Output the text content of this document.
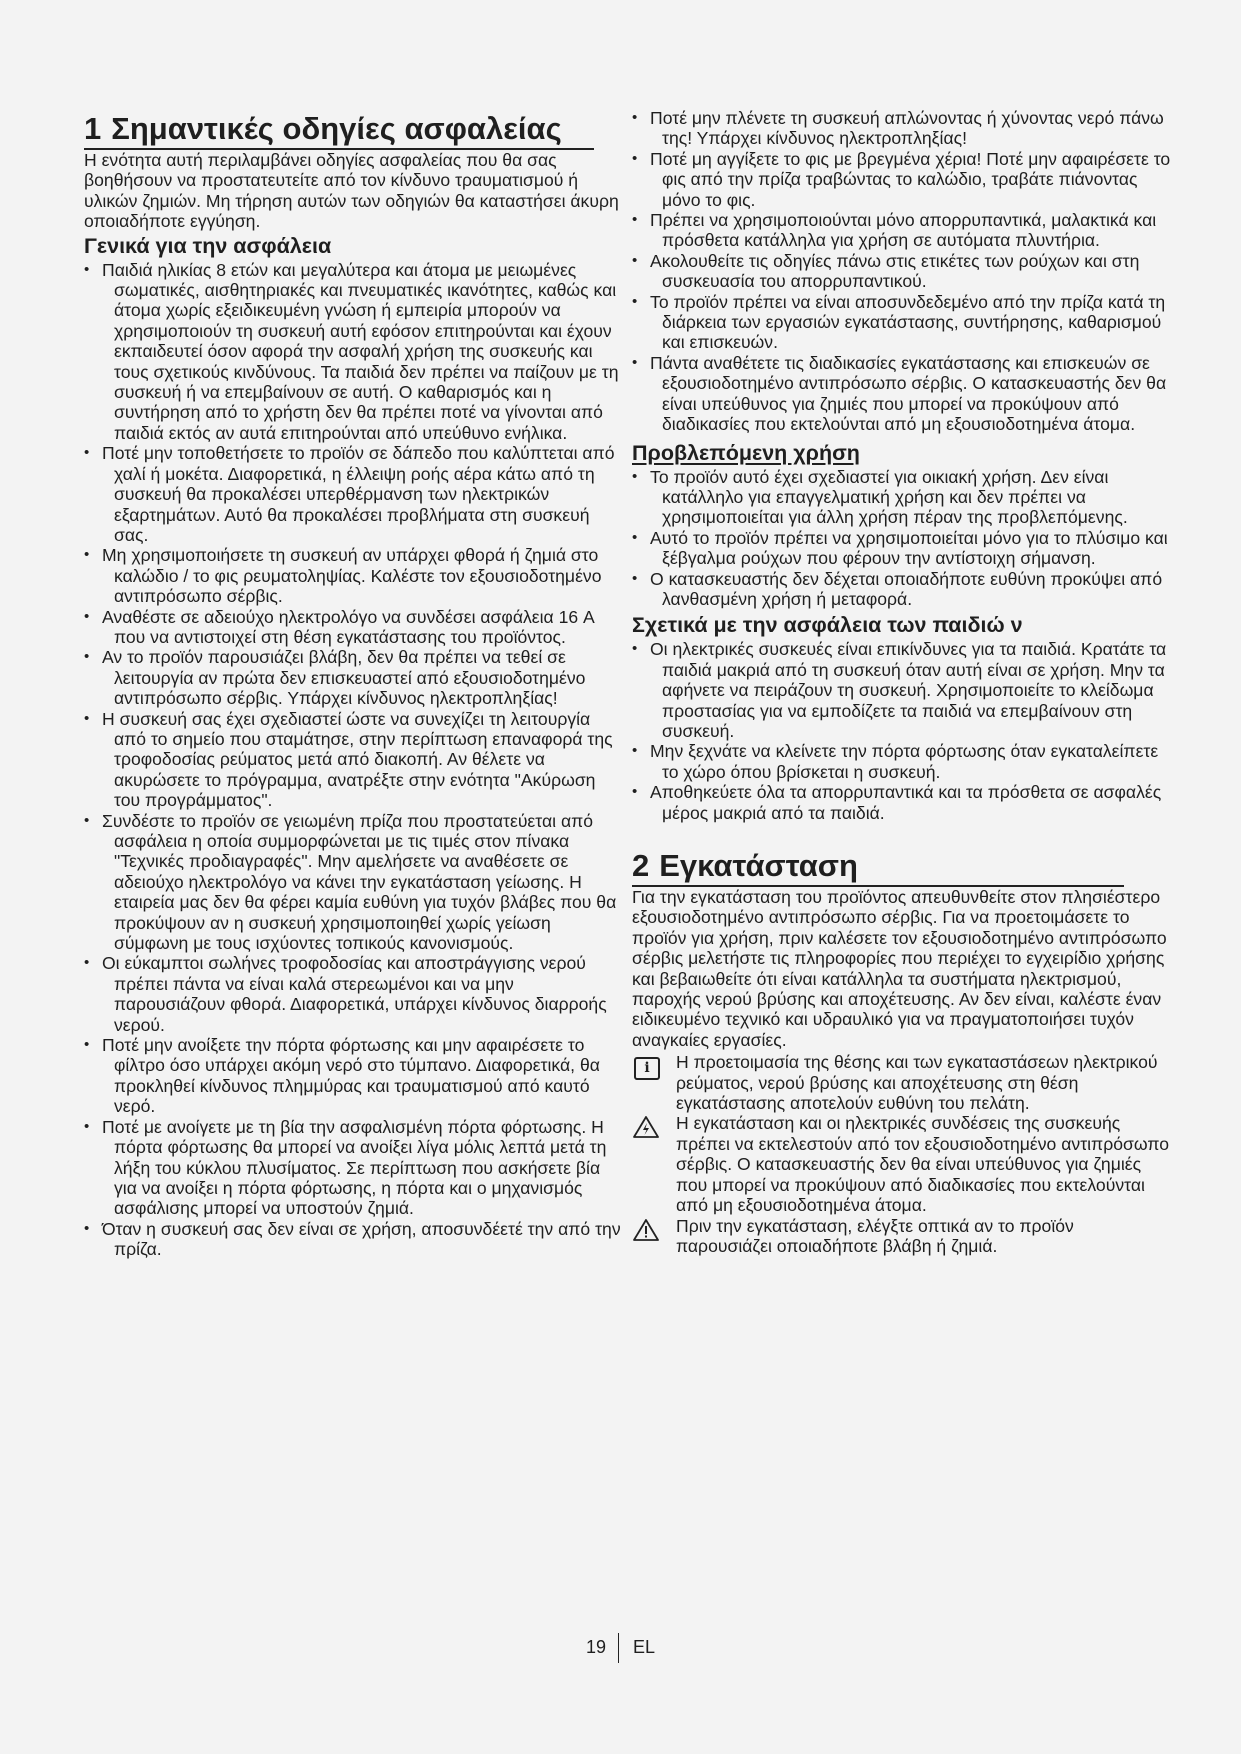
1 Σημαντικές οδηγίες ασφαλείας

Η ενότητα αυτή περιλαμβάνει οδηγίες ασφαλείας που θα σας βοηθήσουν να προστατευτείτε από τον κίνδυνο τραυματισμού ή υλικών ζημιών. Μη τήρηση αυτών των οδηγιών θα καταστήσει άκυρη οποιαδήποτε εγγύηση.

Γενικά για την ασφάλεια
• Παιδιά ηλικίας 8 ετών και μεγαλύτερα και άτομα με μειωμένες σωματικές, αισθητηριακές και πνευματικές ικανότητες, καθώς και άτομα χωρίς εξειδικευμένη γνώση ή εμπειρία μπορούν να χρησιμοποιούν τη συσκευή αυτή εφόσον επιτηρούνται και έχουν εκπαιδευτεί όσον αφορά την ασφαλή χρήση της συσκευής και τους σχετικούς κινδύνους. Τα παιδιά δεν πρέπει να παίζουν με τη συσκευή ή να επεμβαίνουν σε αυτή. Ο καθαρισμός και η συντήρηση από το χρήστη δεν θα πρέπει ποτέ να γίνονται από παιδιά εκτός αν αυτά επιτηρούνται από υπεύθυνο ενήλικα.
• Ποτέ μην τοποθετήσετε το προϊόν σε δάπεδο που καλύπτεται από χαλί ή μοκέτα. Διαφορετικά, η έλλειψη ροής αέρα κάτω από τη συσκευή θα προκαλέσει υπερθέρμανση των ηλεκτρικών εξαρτημάτων. Αυτό θα προκαλέσει προβλήματα στη συσκευή σας.
• Μη χρησιμοποιήσετε τη συσκευή αν υπάρχει φθορά ή ζημιά στο καλώδιο / το φις ρευματοληψίας. Καλέστε τον εξουσιοδοτημένο αντιπρόσωπο σέρβις.
• Αναθέστε σε αδειούχο ηλεκτρολόγο να συνδέσει ασφάλεια 16 A που να αντιστοιχεί στη θέση εγκατάστασης του προϊόντος.
• Αν το προϊόν παρουσιάζει βλάβη, δεν θα πρέπει να τεθεί σε λειτουργία αν πρώτα δεν επισκευαστεί από εξουσιοδοτημένο αντιπρόσωπο σέρβις. Υπάρχει κίνδυνος ηλεκτροπληξίας!
• Η συσκευή σας έχει σχεδιαστεί ώστε να συνεχίζει τη λειτουργία από το σημείο που σταμάτησε, στην περίπτωση επαναφορά της τροφοδοσίας ρεύματος μετά από διακοπή. Αν θέλετε να ακυρώσετε το πρόγραμμα, ανατρέξτε στην ενότητα "Ακύρωση του προγράμματος".
• Συνδέστε το προϊόν σε γειωμένη πρίζα που προστατεύεται από ασφάλεια η οποία συμμορφώνεται με τις τιμές στον πίνακα "Τεχνικές προδιαγραφές". Μην αμελήσετε να αναθέσετε σε αδειούχο ηλεκτρολόγο να κάνει την εγκατάσταση γείωσης. Η εταιρεία μας δεν θα φέρει καμία ευθύνη για τυχόν βλάβες που θα προκύψουν αν η συσκευή χρησιμοποιηθεί χωρίς γείωση σύμφωνη με τους ισχύοντες τοπικούς κανονισμούς.
• Οι εύκαμπτοι σωλήνες τροφοδοσίας και αποστράγγισης νερού πρέπει πάντα να είναι καλά στερεωμένοι και να μην παρουσιάζουν φθορά. Διαφορετικά, υπάρχει κίνδυνος διαρροής νερού.
• Ποτέ μην ανοίξετε την πόρτα φόρτωσης και μην αφαιρέσετε το φίλτρο όσο υπάρχει ακόμη νερό στο τύμπανο. Διαφορετικά, θα προκληθεί κίνδυνος πλημμύρας και τραυματισμού από καυτό νερό.
• Ποτέ με ανοίγετε με τη βία την ασφαλισμένη πόρτα φόρτωσης. Η πόρτα φόρτωσης θα μπορεί να ανοίξει λίγα μόλις λεπτά μετά τη λήξη του κύκλου πλυσίματος. Σε περίπτωση που ασκήσετε βία για να ανοίξει η πόρτα φόρτωσης, η πόρτα και ο μηχανισμός ασφάλισης μπορεί να υποστούν ζημιά.
• Όταν η συσκευή σας δεν είναι σε χρήση, αποσυνδέετέ την από την πρίζα.
• Ποτέ μην πλένετε τη συσκευή απλώνοντας ή χύνοντας νερό πάνω της! Υπάρχει κίνδυνος ηλεκτροπληξίας!
• Ποτέ μη αγγίξετε το φις με βρεγμένα χέρια! Ποτέ μην αφαιρέσετε το φις από την πρίζα τραβώντας το καλώδιο, τραβάτε πιάνοντας μόνο το φις.
• Πρέπει να χρησιμοποιούνται μόνο απορρυπαντικά, μαλακτικά και πρόσθετα κατάλληλα για χρήση σε αυτόματα πλυντήρια.
• Ακολουθείτε τις οδηγίες πάνω στις ετικέτες των ρούχων και στη συσκευασία του απορρυπαντικού.
• Το προϊόν πρέπει να είναι αποσυνδεδεμένο από την πρίζα κατά τη διάρκεια των εργασιών εγκατάστασης, συντήρησης, καθαρισμού και επισκευών.
• Πάντα αναθέτετε τις διαδικασίες εγκατάστασης και επισκευών σε εξουσιοδοτημένο αντιπρόσωπο σέρβις. Ο κατασκευαστής δεν θα είναι υπεύθυνος για ζημιές που μπορεί να προκύψουν από διαδικασίες που εκτελούνται από μη εξουσιοδοτημένα άτομα.
Προβλεπόμενη χρήση
• Το προϊόν αυτό έχει σχεδιαστεί για οικιακή χρήση. Δεν είναι κατάλληλο για επαγγελματική χρήση και δεν πρέπει να χρησιμοποιείται για άλλη χρήση πέραν της προβλεπόμενης.
• Αυτό το προϊόν πρέπει να χρησιμοποιείται μόνο για το πλύσιμο και ξέβγαλμα ρούχων που φέρουν την αντίστοιχη σήμανση.
• Ο κατασκευαστής δεν δέχεται οποιαδήποτε ευθύνη προκύψει από λανθασμένη χρήση ή μεταφορά.
Σχετικά με την ασφάλεια των παιδιώ ν
• Οι ηλεκτρικές συσκευές είναι επικίνδυνες για τα παιδιά. Κρατάτε τα παιδιά μακριά από τη συσκευή όταν αυτή είναι σε χρήση. Μην τα αφήνετε να πειράζουν τη συσκευή. Χρησιμοποιείτε το κλείδωμα προστασίας για να εμποδίζετε τα παιδιά να επεμβαίνουν στη συσκευή.
• Μην ξεχνάτε να κλείνετε την πόρτα φόρτωσης όταν εγκαταλείπετε το χώρο όπου βρίσκεται η συσκευή.
• Αποθηκεύετε όλα τα απορρυπαντικά και τα πρόσθετα σε ασφαλές μέρος μακριά από τα παιδιά.
2 Εγκατάσταση

Για την εγκατάσταση του προϊόντος απευθυνθείτε στον πλησιέστερο εξουσιοδοτημένο αντιπρόσωπο σέρβις. Για να προετοιμάσετε το προϊόν για χρήση, πριν καλέσετε τον εξουσιοδοτημένο αντιπρόσωπο σέρβις μελετήστε τις πληροφορίες που περιέχει το εγχειρίδιο χρήσης και βεβαιωθείτε ότι είναι κατάλληλα τα συστήματα ηλεκτρισμού, παροχής νερού βρύσης και αποχέτευσης. Αν δεν είναι, καλέστε έναν ειδικευμένο τεχνικό και υδραυλικό για να πραγματοποιήσει τυχόν αναγκαίες εργασίες.

i	Η προετοιμασία της θέσης και των εγκαταστάσεων ηλεκτρικού ρεύματος, νερού βρύσης και αποχέτευσης στη θέση εγκατάστασης αποτελούν ευθύνη του πελάτη.
Η εγκατάσταση και οι ηλεκτρικές συνδέσεις της συσκευής πρέπει να εκτελεστούν από τον εξουσιοδοτημένο αντιπρόσωπο σέρβις. Ο κατασκευαστής δεν θα είναι υπεύθυνος για ζημιές που μπορεί να προκύψουν από διαδικασίες που εκτελούνται από μη εξουσιοδοτημένα άτομα.
Πριν την εγκατάσταση, ελέγξτε οπτικά αν το προϊόν παρουσιάζει οποιαδήποτε βλάβη ή ζημιά.
19 EL
